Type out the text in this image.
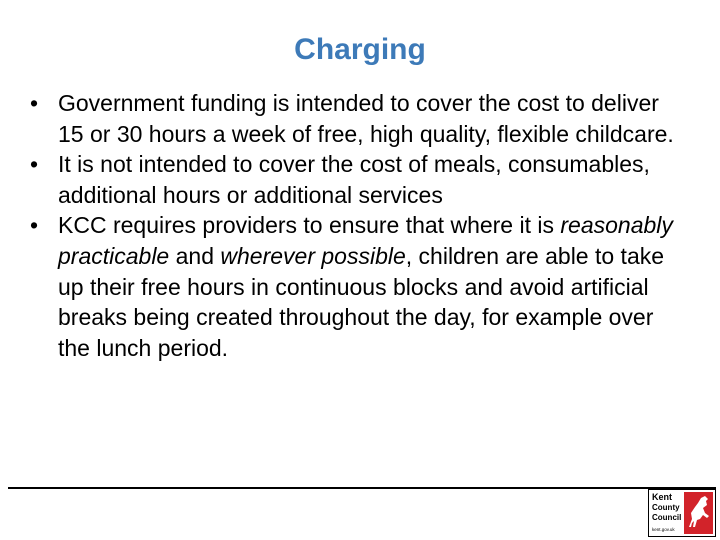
Charging
• Government funding is intended to cover the cost to deliver 15 or 30 hours a week of free, high quality, flexible childcare.
• It is not intended to cover the cost of meals, consumables, additional hours or additional services
• KCC requires providers to ensure that where it is reasonably practicable and wherever possible, children are able to take up their free hours in continuous blocks and avoid artificial breaks being created throughout the day, for example over the lunch period.
Kent
County
Council
kent.gov.uk
